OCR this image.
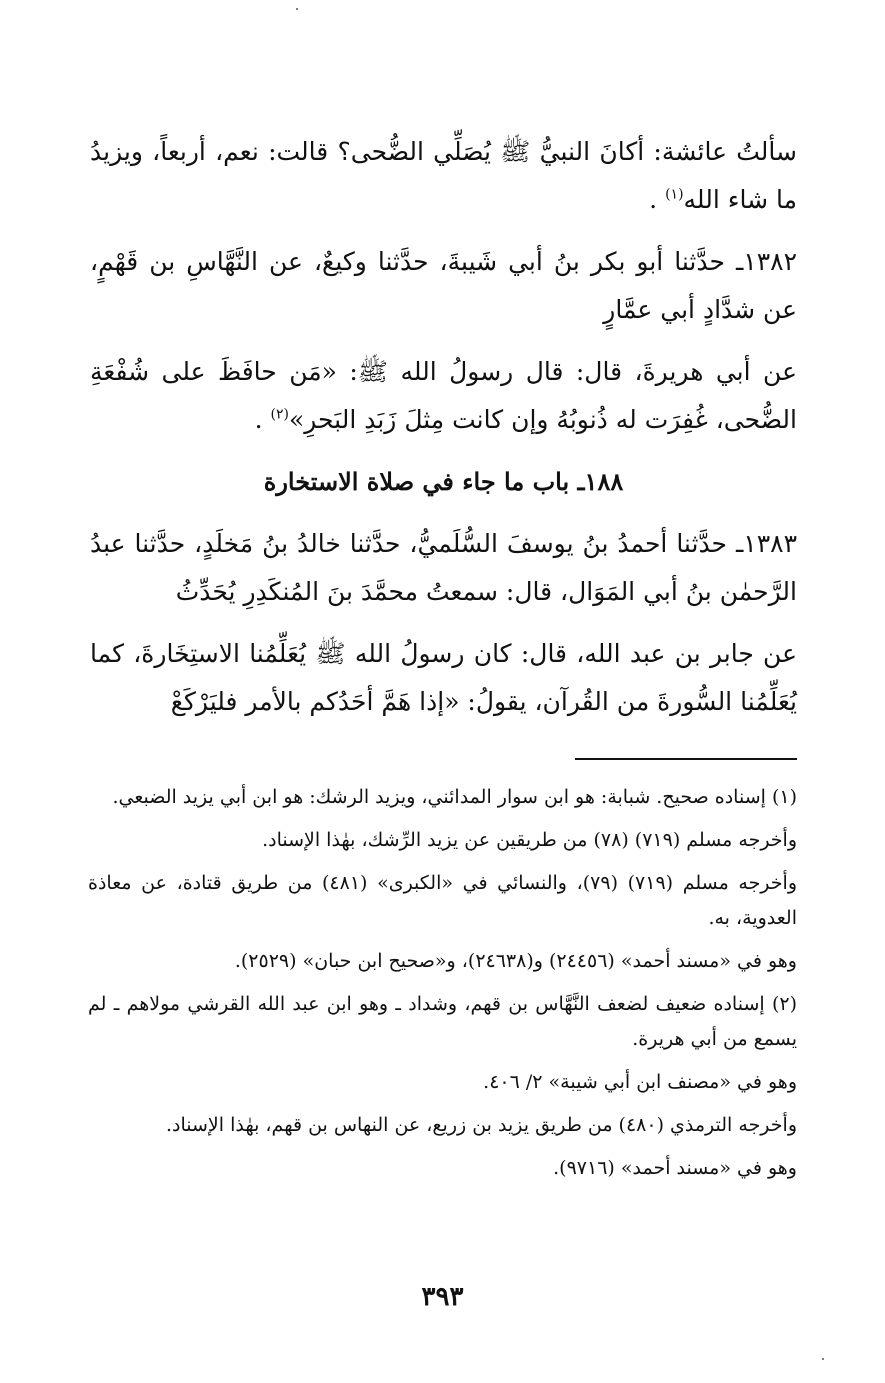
سألتُ عائشة: أكانَ النبيُّ ﷺ يُصَلِّي الضُّحى؟ قالت: نعم، أربعاً، ويزيدُ ما شاء الله$^{(١)}$ .

١٣٨٢ـ حدَّثنا أبو بكر بنُ أبي شَيبةَ، حدَّثنا وكيعٌ، عن النَّهَّاسِ بن قَهْمٍ، عن شدَّادٍ أبي عمَّارٍ

عن أبي هريرةَ، قال: قال رسولُ الله ﷺ: «مَن حافَظَ على شُفْعَةِ الضُّحى، غُفِرَت له ذُنوبُهُ وإن كانت مِثلَ زَبَدِ البَحرِ»$^{(٢)}$ .

١٨٨ـ باب ما جاء في صلاة الاستخارة

١٣٨٣ـ حدَّثنا أحمدُ بنُ يوسفَ السُّلَميُّ، حدَّثنا خالدُ بنُ مَخلَدٍ، حدَّثنا عبدُ الرَّحمٰن بنُ أبي المَوَال، قال: سمعتُ محمَّدَ بنَ المُنكَدِرِ يُحَدِّثُ

عن جابر بن عبد الله، قال: كان رسولُ الله ﷺ يُعَلِّمُنا الاستِخَارةَ، كما يُعَلِّمُنا السُّورةَ من القُرآن، يقولُ: «إذا هَمَّ أحَدُكم بالأمر فليَرْكَعْ

(١) إسناده صحيح. شبابة: هو ابن سوار المدائني، ويزيد الرشك: هو ابن أبي يزيد الضبعي.

وأخرجه مسلم (٧١٩) (٧٨) من طريقين عن يزيد الرِّشك، بهٰذا الإسناد.

وأخرجه مسلم (٧١٩) (٧٩)، والنسائي في «الكبرى» (٤٨١) من طريق قتادة، عن معاذة العدوية، به.

وهو في «مسند أحمد» (٢٤٤٥٦) و(٢٤٦٣٨)، و«صحيح ابن حبان» (٢٥٢٩).

(٢) إسناده ضعيف لضعف النَّهَّاس بن قهم، وشداد ـ وهو ابن عبد الله القرشي مولاهم ـ لم يسمع من أبي هريرة.

وهو في «مصنف ابن أبي شيبة» ٢/ ٤٠٦.

وأخرجه الترمذي (٤٨٠) من طريق يزيد بن زريع، عن النهاس بن قهم، بهٰذا الإسناد.

وهو في «مسند أحمد» (٩٧١٦).

٣٩٣
